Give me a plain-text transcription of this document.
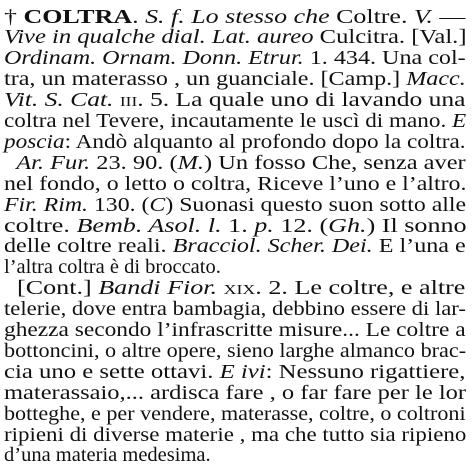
† COLTRA. S. f. Lo stesso che Coltre. V. —
Vive in qualche dial. Lat. aureo Culcitra. [Val.]
Ordinam. Ornam. Donn. Etrur. 1. 434. Una col-
tra, un materasso , un guanciale. [Camp.] Macc.
Vit. S. Cat. iii. 5. La quale uno di lavando una
coltra nel Tevere, incautamente le uscì di mano. E
poscia: Andò alquanto al profondo dopo la coltra.
Ar. Fur. 23. 90. (M.) Un fosso Che, senza aver
nel fondo, o letto o coltra, Riceve l’uno e l’altro.
Fir. Rim. 130. (C) Suonasi questo suon sotto alle
coltre. Bemb. Asol. l. 1. p. 12. (Gh.) Il sonno
delle coltre reali. Bracciol. Scher. Dei. E l’una e
l’altra coltra è di broccato.
[Cont.] Bandi Fior. xix. 2. Le coltre, e altre
telerie, dove entra bambagia, debbino essere di lar-
ghezza secondo l’infrascritte misure... Le coltre a
bottoncini, o altre opere, sieno larghe almanco brac-
cia uno e sette ottavi. E ivi: Nessuno rigattiere,
materassaio,... ardisca fare , o far fare per le lor
botteghe, e per vendere, materasse, coltre, o coltroni
ripieni di diverse materie , ma che tutto sia ripieno
d’una materia medesima.
